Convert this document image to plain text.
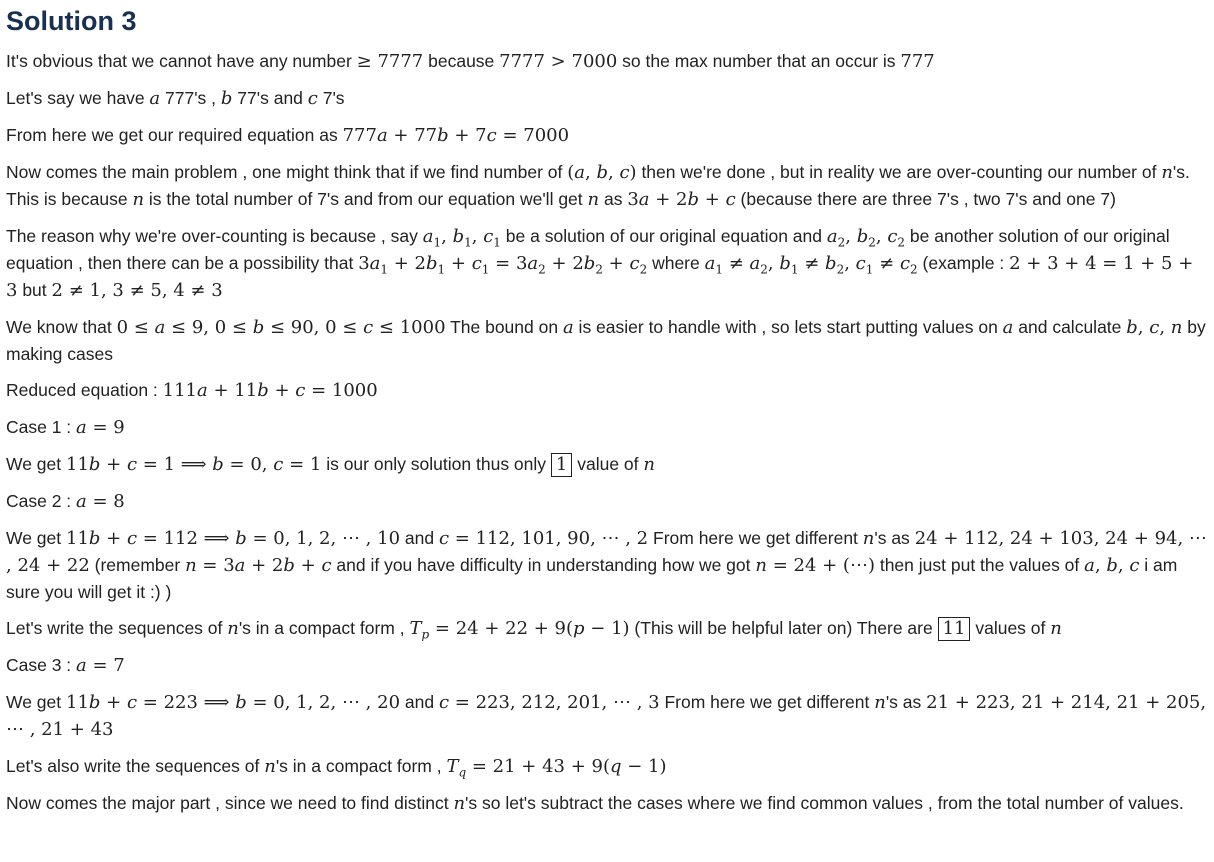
Solution 3

It's obvious that we cannot have any number ≥ 7777 because 7777 > 7000 so the max number that an occur is 777

Let's say we have a 777's , b 77's and c 7's

From here we get our required equation as 777a + 77b + 7c = 7000

Now comes the main problem , one might think that if we find number of (a, b, c) then we're done , but in reality we are over-counting our number of n's. This is because n is the total number of 7's and from our equation we'll get n as 3a + 2b + c (because there are three 7's , two 7's and one 7)

The reason why we're over-counting is because , say $a_1$, $b_1$, $c_1$ be a solution of our original equation and $a_2$, $b_2$, $c_2$ be another solution of our original equation , then there can be a possibility that $3a_1 + 2b_1 + c_1 = 3a_2 + 2b_2 + c_2$ where $a_1 \ne a_2$, $b_1 \ne b_2$, $c_1 \ne c_2$ (example : 2 + 3 + 4 = 1 + 5 + 3 but 2 ≠ 1, 3 ≠ 5, 4 ≠ 3

We know that 0 ≤ a ≤ 9, 0 ≤ b ≤ 90, 0 ≤ c ≤ 1000 The bound on a is easier to handle with , so lets start putting values on a and calculate b, c, n by making cases

Reduced equation : 111a + 11b + c = 1000

Case 1 : a = 9

We get 11b + c = 1 ⟹ b = 0, c = 1 is our only solution thus only 1 value of n

Case 2 : a = 8

We get 11b + c = 112 ⟹ b = 0, 1, 2, ⋯ , 10 and c = 112, 101, 90, ⋯ , 2 From here we get different n's as 24 + 112, 24 + 103, 24 + 94, ⋯ , 24 + 22 (remember n = 3a + 2b + c and if you have difficulty in understanding how we got n = 24 + (⋯) then just put the values of a, b, c i am sure you will get it :) )

Let's write the sequences of n's in a compact form , $T_p = 24 + 22 + 9(p - 1)$ (This will be helpful later on) There are 11 values of n

Case 3 : a = 7

We get 11b + c = 223 ⟹ b = 0, 1, 2, ⋯ , 20 and c = 223, 212, 201, ⋯ , 3 From here we get different n's as 21 + 223, 21 + 214, 21 + 205, ⋯ , 21 + 43

Let's also write the sequences of n's in a compact form , $T_q = 21 + 43 + 9(q - 1)$

Now comes the major part , since we need to find distinct n's so let's subtract the cases where we find common values , from the total number of values.
